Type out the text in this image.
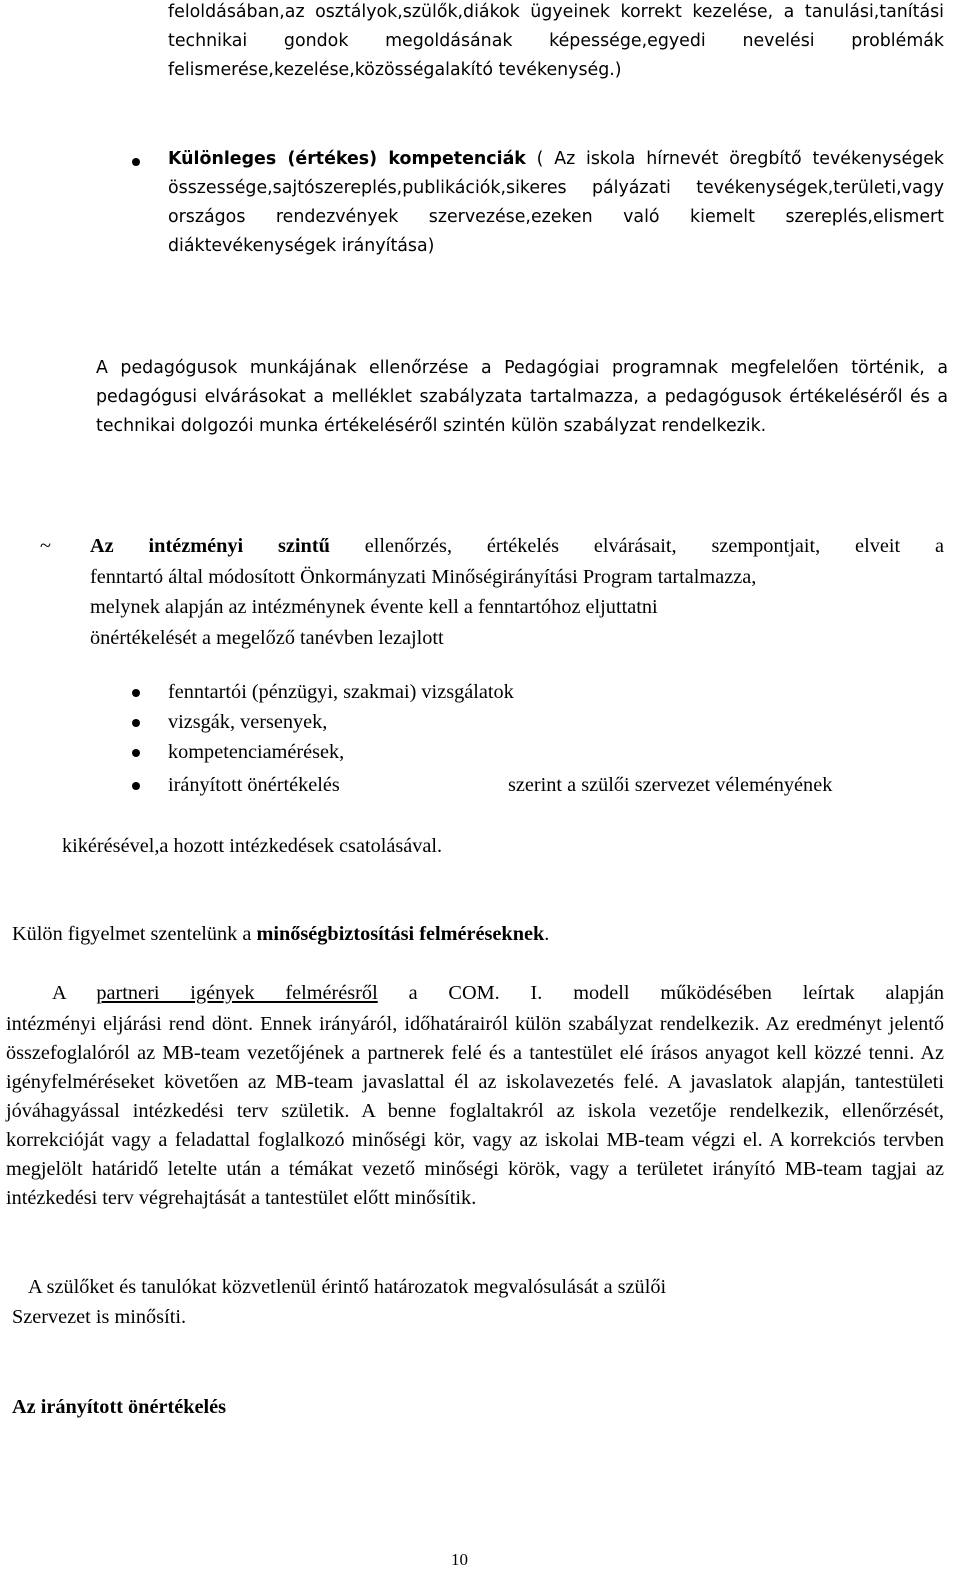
feloldásában,az osztályok,szülők,diákok ügyeinek korrekt kezelése, a tanulási,tanítási technikai gondok megoldásának képessége,egyedi nevelési problémák felismerése,kezelése,közösségalakító tevékenység.)

Különleges (értékes) kompetenciák ( Az iskola hírnevét öregbítő tevékenységek összessége,sajtószereplés,publikációk,sikeres pályázati tevékenységek,területi,vagy országos rendezvények szervezése,ezeken való kiemelt szereplés,elismert diáktevékenységek irányítása)

A pedagógusok munkájának ellenőrzése a Pedagógiai programnak megfelelően történik, a pedagógusi elvárásokat a melléklet szabályzata tartalmazza, a pedagógusok értékeléséről és a technikai dolgozói munka értékeléséről szintén külön szabályzat rendelkezik.

~ Az intézményi szintű ellenőrzés, értékelés elvárásait, szempontjait, elveit a

fenntartó által módosított Önkormányzati Minőségirányítási Program tartalmazza,

melynek alapján az intézménynek évente kell a fenntartóhoz eljuttatni

önértékelését a megelőző tanévben lezajlott

fenntartói (pénzügyi, szakmai) vizsgálatok

vizsgák, versenyek,

kompetenciamérések,

irányított önértékelés	szerint a szülői szervezet véleményének

kikérésével,a hozott intézkedések csatolásával.

Külön figyelmet szentelünk a minőségbiztosítási felméréseknek.

A partneri igények felmérésről a COM. I. modell működésében leírtak alapján

intézményi eljárási rend dönt. Ennek irányáról, időhatárairól külön szabályzat rendelkezik. Az eredményt jelentő összefoglalóról az MB-team vezetőjének a partnerek felé és a tantestület elé írásos anyagot kell közzé tenni. Az igényfelméréseket követően az MB-team javaslattal él az iskolavezetés felé. A javaslatok alapján, tantestületi jóváhagyással intézkedési terv születik. A benne foglaltakról az iskola vezetője rendelkezik, ellenőrzését, korrekcióját vagy a feladattal foglalkozó minőségi kör, vagy az iskolai MB-team végzi el. A korrekciós tervben megjelölt határidő letelte után a témákat vezető minőségi körök, vagy a területet irányító MB-team tagjai az intézkedési terv végrehajtását a tantestület előtt minősítik.

A szülőket és tanulókat közvetlenül érintő határozatok megvalósulását a szülői

Szervezet is minősíti.

Az irányított önértékelés
10
